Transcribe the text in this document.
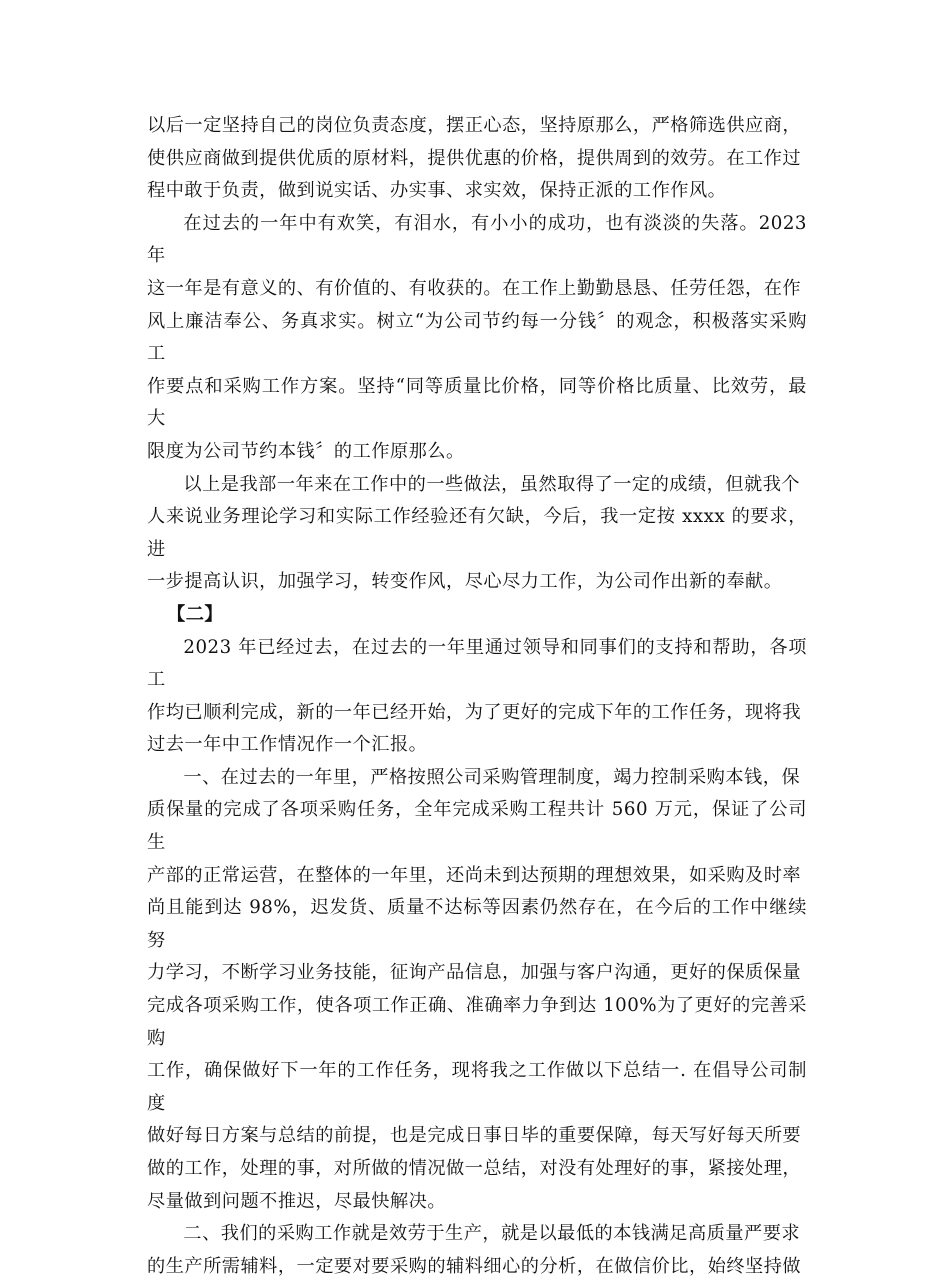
以后一定坚持自己的岗位负责态度，摆正心态，坚持原那么，严格筛选供应商，
使供应商做到提供优质的原材料，提供优惠的价格，提供周到的效劳。在工作过
程中敢于负责，做到说实话、办实事、求实效，保持正派的工作作风。

在过去的一年中有欢笑，有泪水，有小小的成功，也有淡淡的失落。2023 年
这一年是有意义的、有价值的、有收获的。在工作上勤勤恳恳、任劳任怨，在作
风上廉洁奉公、务真求实。树立“为公司节约每一分钱〞的观念，积极落实采购工
作要点和采购工作方案。坚持“同等质量比价格，同等价格比质量、比效劳，最大
限度为公司节约本钱〞的工作原那么。

以上是我部一年来在工作中的一些做法，虽然取得了一定的成绩，但就我个
人来说业务理论学习和实际工作经验还有欠缺，今后，我一定按 xxxx 的要求，进
一步提高认识，加强学习，转变作风，尽心尽力工作，为公司作出新的奉献。

【二】

2023 年已经过去，在过去的一年里通过领导和同事们的支持和帮助，各项工
作均已顺利完成，新的一年已经开始，为了更好的完成下年的工作任务，现将我
过去一年中工作情况作一个汇报。

一、在过去的一年里，严格按照公司采购管理制度，竭力控制采购本钱，保
质保量的完成了各项采购任务，全年完成采购工程共计 560 万元，保证了公司生
产部的正常运营，在整体的一年里，还尚未到达预期的理想效果，如采购及时率
尚且能到达 98%，迟发货、质量不达标等因素仍然存在，在今后的工作中继续努
力学习，不断学习业务技能，征询产品信息，加强与客户沟通，更好的保质保量
完成各项采购工作，使各项工作正确、准确率力争到达 100%为了更好的完善采购
工作，确保做好下一年的工作任务，现将我之工作做以下总结一. 在倡导公司制度
做好每日方案与总结的前提，也是完成日事日毕的重要保障，每天写好每天所要
做的工作，处理的事，对所做的情况做一总结，对没有处理好的事，紧接处理，
尽量做到问题不推迟，尽最快解决。

二、我们的采购工作就是效劳于生产，就是以最低的本钱满足高质量严要求
的生产所需辅料，一定要对要采购的辅料细心的分析，在做信价比，始终坚持做
